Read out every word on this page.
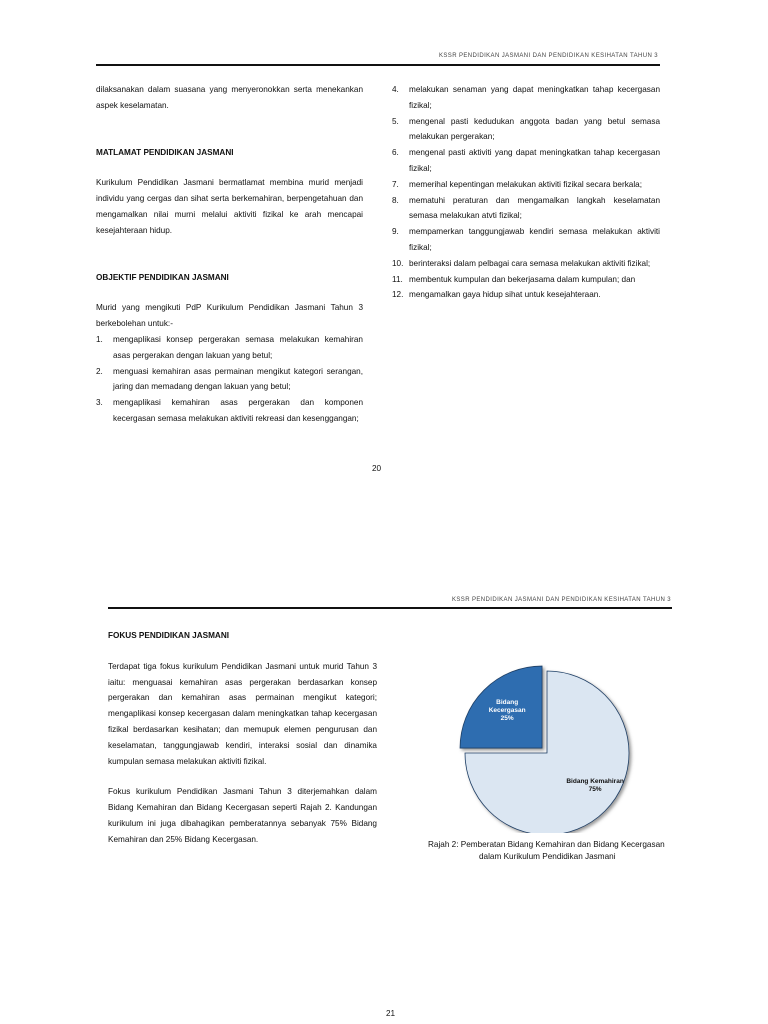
KSSR PENDIDIKAN JASMANI DAN PENDIDIKAN KESIHATAN TAHUN 3

dilaksanakan dalam suasana yang menyeronokkan serta menekankan aspek keselamatan.

MATLAMAT PENDIDIKAN JASMANI

Kurikulum Pendidikan Jasmani bermatlamat membina murid menjadi individu yang cergas dan sihat serta berkemahiran, berpengetahuan dan mengamalkan nilai murni melalui aktiviti fizikal ke arah mencapai kesejahteraan hidup.

OBJEKTIF PENDIDIKAN JASMANI

Murid yang mengikuti PdP Kurikulum Pendidikan Jasmani Tahun 3 berkebolehan untuk:-

1. mengaplikasi konsep pergerakan semasa melakukan kemahiran asas pergerakan dengan lakuan yang betul;
2. menguasi kemahiran asas permainan mengikut kategori serangan, jaring dan memadang dengan lakuan yang betul;
3. mengaplikasi kemahiran asas pergerakan dan komponen kecergasan semasa melakukan aktiviti rekreasi dan kesenggangan;
4. melakukan senaman yang dapat meningkatkan tahap kecergasan fizikal;
5. mengenal pasti kedudukan anggota badan yang betul semasa melakukan pergerakan;
6. mengenal pasti aktiviti yang dapat meningkatkan tahap kecergasan fizikal;
7. memerihal kepentingan melakukan aktiviti fizikal secara berkala;
8. mematuhi peraturan dan mengamalkan langkah keselamatan semasa melakukan atvti fizikal;
9. mempamerkan tanggungjawab kendiri semasa melakukan aktiviti fizikal;
10. berinteraksi dalam pelbagai cara semasa melakukan aktiviti fizikal;
11. membentuk kumpulan dan bekerjasama dalam kumpulan; dan
12. mengamalkan gaya hidup sihat untuk kesejahteraan.
20
KSSR PENDIDIKAN JASMANI DAN PENDIDIKAN KESIHATAN TAHUN 3

FOKUS PENDIDIKAN JASMANI

Terdapat tiga fokus kurikulum Pendidikan Jasmani untuk murid Tahun 3 iaitu: menguasai kemahiran asas pergerakan berdasarkan konsep pergerakan dan kemahiran asas permainan mengikut kategori; mengaplikasi konsep kecergasan dalam meningkatkan tahap kecergasan fizikal berdasarkan kesihatan; dan memupuk elemen pengurusan dan keselamatan, tanggungjawab kendiri, interaksi sosial dan dinamika kumpulan semasa melakukan aktiviti fizikal.

Fokus kurikulum Pendidikan Jasmani Tahun 3 diterjemahkan dalam Bidang Kemahiran dan Bidang Kecergasan seperti Rajah 2. Kandungan kurikulum ini juga dibahagikan pemberatannya sebanyak 75% Bidang Kemahiran dan 25% Bidang Kecergasan.

Bidang Kemahiran
75%
Bidang
Kecergasan
25%
Rajah 2: Pemberatan Bidang Kemahiran dan Bidang Kecergasan
dalam Kurikulum Pendidikan Jasmani
21
